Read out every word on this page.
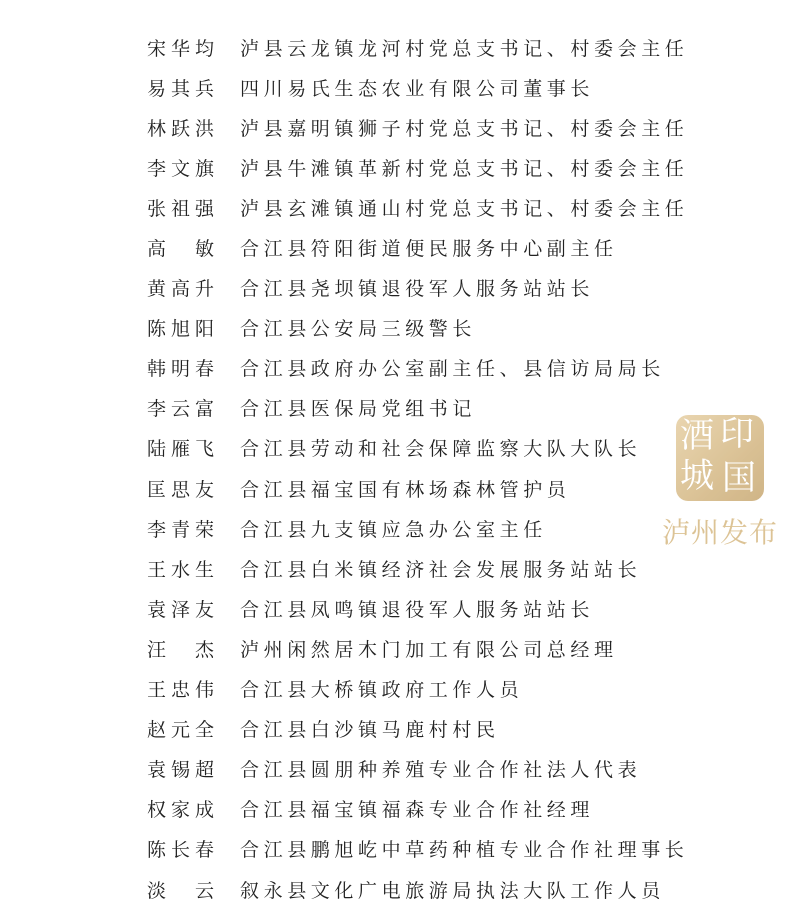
宋华均	泸县云龙镇龙河村党总支书记、村委会主任
易其兵	四川易氏生态农业有限公司董事长
林跃洪	泸县嘉明镇狮子村党总支书记、村委会主任
李文旗	泸县牛滩镇革新村党总支书记、村委会主任
张祖强	泸县玄滩镇通山村党总支书记、村委会主任
高　敏	合江县符阳街道便民服务中心副主任
黄高升	合江县尧坝镇退役军人服务站站长
陈旭阳	合江县公安局三级警长
韩明春	合江县政府办公室副主任、县信访局局长
李云富	合江县医保局党组书记
陆雁飞	合江县劳动和社会保障监察大队大队长
匡思友	合江县福宝国有林场森林管护员
李青荣	合江县九支镇应急办公室主任
王水生	合江县白米镇经济社会发展服务站站长
袁泽友	合江县凤鸣镇退役军人服务站站长
汪　杰	泸州闲然居木门加工有限公司总经理
王忠伟	合江县大桥镇政府工作人员
赵元全	合江县白沙镇马鹿村村民
袁锡超	合江县圆朋种养殖专业合作社法人代表
权家成	合江县福宝镇福森专业合作社经理
陈长春	合江县鹏旭屹中草药种植专业合作社理事长
淡　云	叙永县文化广电旅游局执法大队工作人员
酒 印
城 国
泸州发布
